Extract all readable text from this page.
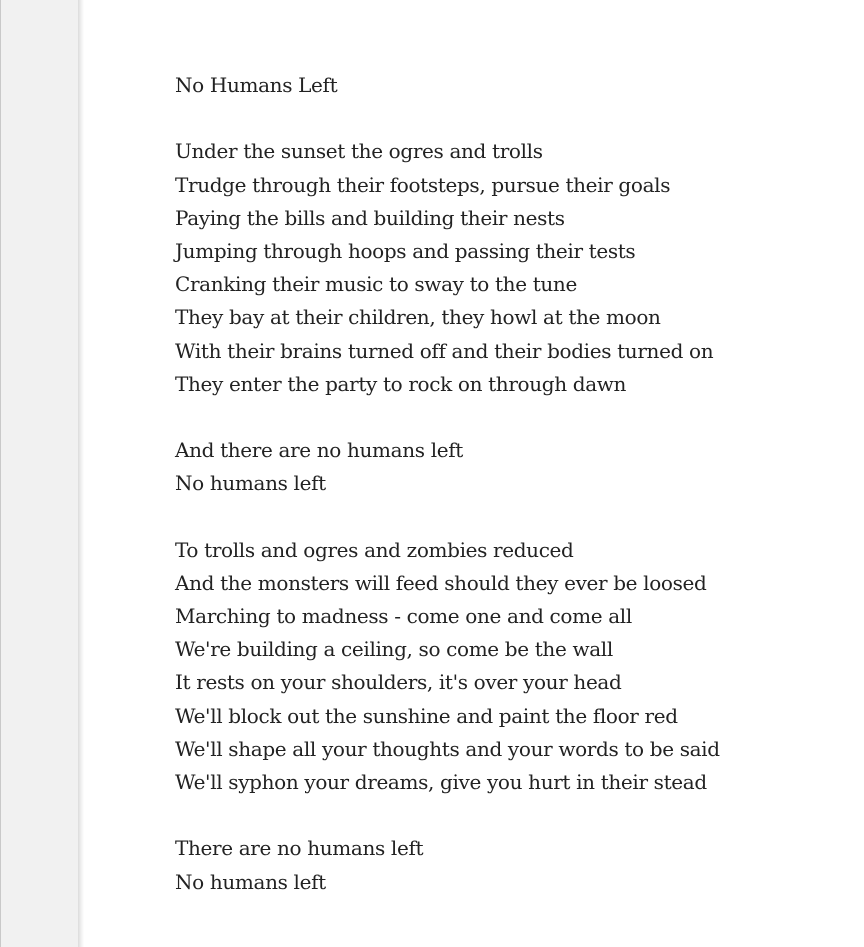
No Humans Left
Under the sunset the ogres and trolls
Trudge through their footsteps, pursue their goals
Paying the bills and building their nests
Jumping through hoops and passing their tests
Cranking their music to sway to the tune
They bay at their children, they howl at the moon
With their brains turned off and their bodies turned on
They enter the party to rock on through dawn
And there are no humans left
No humans left
To trolls and ogres and zombies reduced
And the monsters will feed should they ever be loosed
Marching to madness - come one and come all
We're building a ceiling, so come be the wall
It rests on your shoulders, it's over your head
We'll block out the sunshine and paint the floor red
We'll shape all your thoughts and your words to be said
We'll syphon your dreams, give you hurt in their stead
There are no humans left
No humans left
